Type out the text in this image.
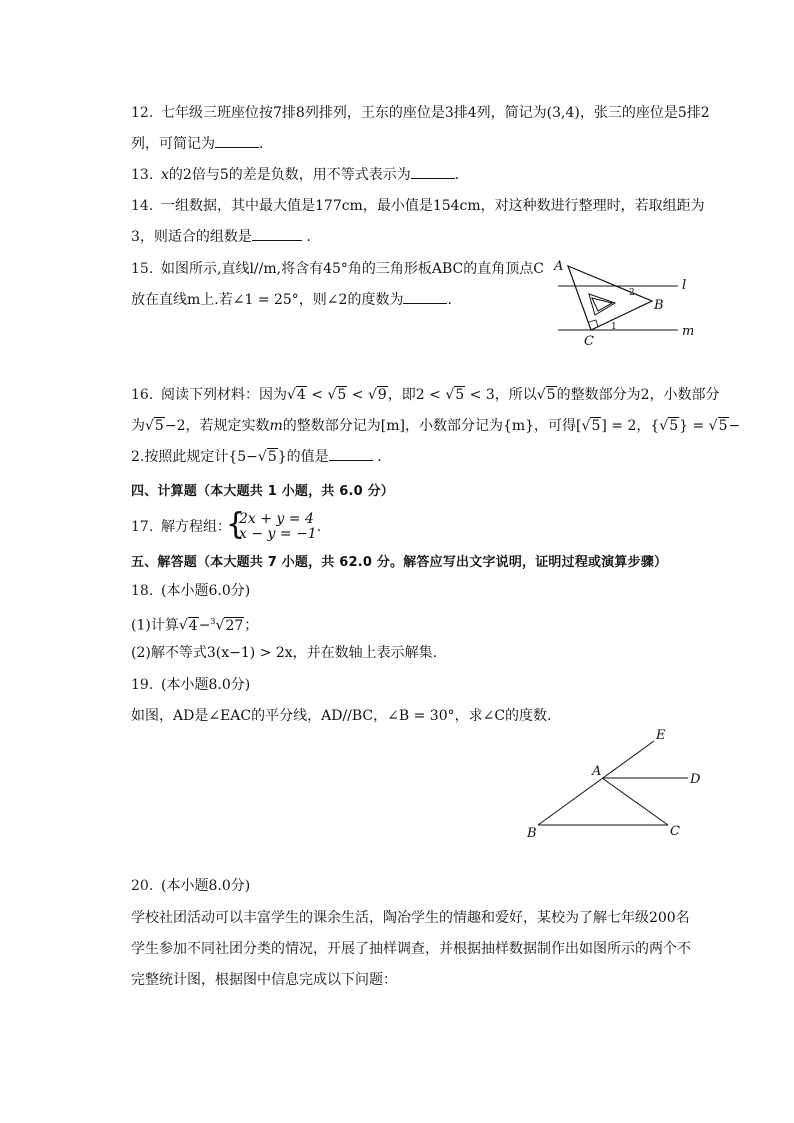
12. 七年级三班座位按7排8列排列，王东的座位是3排4列，简记为(3,4)，张三的座位是5排2
列，可简记为	.
13. x的2倍与5的差是负数，用不等式表示为	.
14. 一组数据，其中最大值是177cm，最小值是154cm，对这种数进行整理时，若取组距为
3，则适合的组数是	.
15. 如图所示,直线l//m,将含有45°角的三角形板ABC的直角顶点C
放在直线m上.若∠1 = 25°，则∠2的度数为	.
A
B
C
l
m
1
2
16. 阅读下列材料：因为√4 < √5 < √9，即2 < √5 < 3，所以√5的整数部分为2，小数部分
为√5−2，若规定实数m的整数部分记为[m]，小数部分记为{m}，可得[√5] = 2，{√5} = √5−
2.按照此规定计{5−√5}的值是	.
四、计算题（本大题共 1 小题，共 6.0 分）
17. 解方程组：
{
2x + y = 4
x − y = −1 .
五、解答题（本大题共 7 小题，共 62.0 分。解答应写出文字说明，证明过程或演算步骤）
18. (本小题6.0分)
(1)计算√4−$^3$√27；
(2)解不等式3(x−1) > 2x，并在数轴上表示解集.
19. (本小题8.0分)
如图，AD是∠EAC的平分线，AD//BC，∠B = 30°，求∠C的度数.
A
B	C
D
E
20. (本小题8.0分)
学校社团活动可以丰富学生的课余生活，陶冶学生的情趣和爱好，某校为了解七年级200名
学生参加不同社团分类的情况，开展了抽样调查，并根据抽样数据制作出如图所示的两个不
完整统计图，根据图中信息完成以下问题：
